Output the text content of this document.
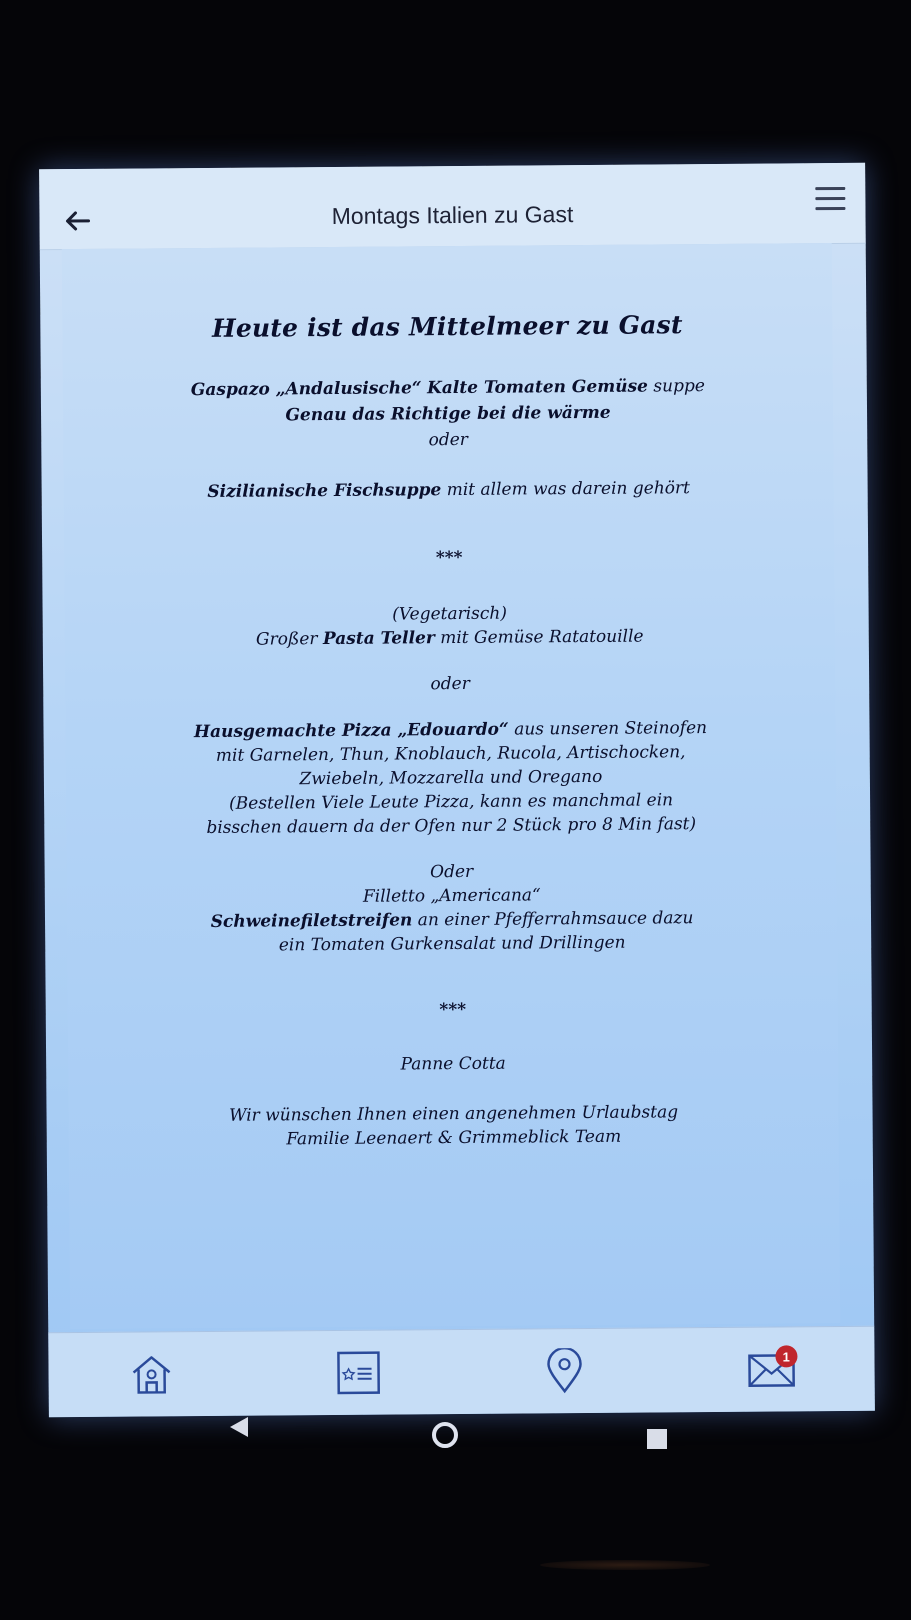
Montags Italien zu Gast
Heute ist das Mittelmeer zu Gast
Gaspazo „Andalusische“ Kalte Tomaten Gemüse suppe
Genau das Richtige bei die wärme
oder
Sizilianische Fischsuppe mit allem was darein gehört
***
(Vegetarisch)
Großer Pasta Teller mit Gemüse Ratatouille
oder
Hausgemachte Pizza „Edouardo“ aus unseren Steinofen
mit Garnelen, Thun, Knoblauch, Rucola, Artischocken,
Zwiebeln, Mozzarella und Oregano
(Bestellen Viele Leute Pizza, kann es manchmal ein
bisschen dauern da der Ofen nur 2 Stück pro 8 Min fast)
Oder
Filletto „Americana“
Schweinefiletstreifen an einer Pfefferrahmsauce dazu
ein Tomaten Gurkensalat und Drillingen
***
Panne Cotta
Wir wünschen Ihnen einen angenehmen Urlaubstag
Familie Leenaert & Grimmeblick Team
1
